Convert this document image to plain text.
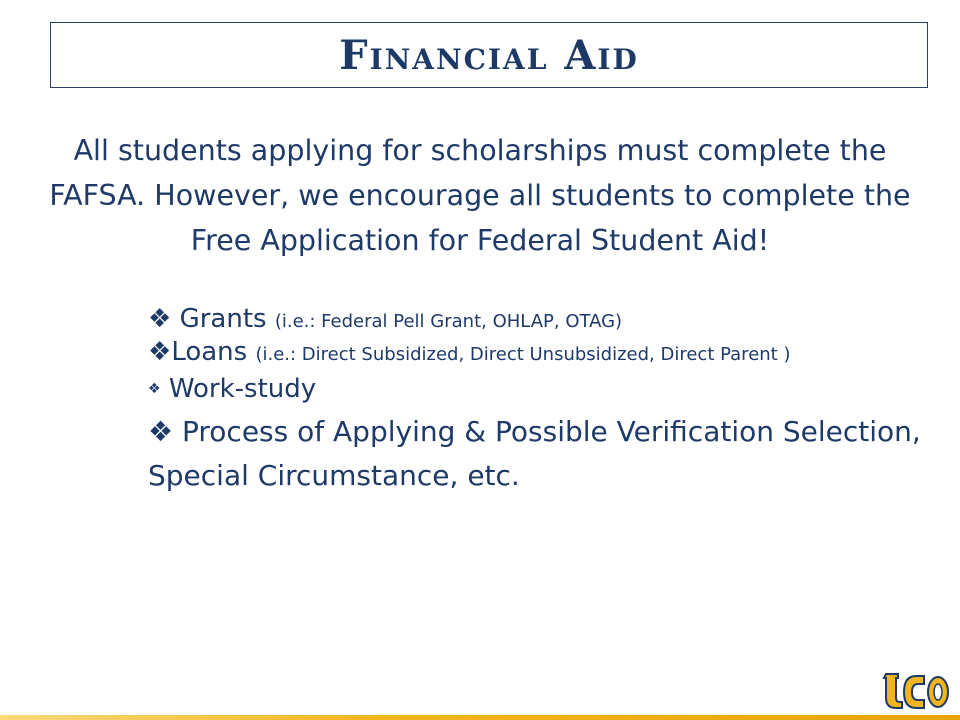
Financial Aid
All students applying for scholarships must complete the FAFSA. However, we encourage all students to complete the Free Application for Federal Student Aid!
❖ Grants (i.e.: Federal Pell Grant, OHLAP, OTAG)
❖Loans (i.e.: Direct Subsidized, Direct Unsubsidized, Direct Parent )
❖ Work-study
❖ Process of Applying & Possible Verification Selection, Special Circumstance, etc.
